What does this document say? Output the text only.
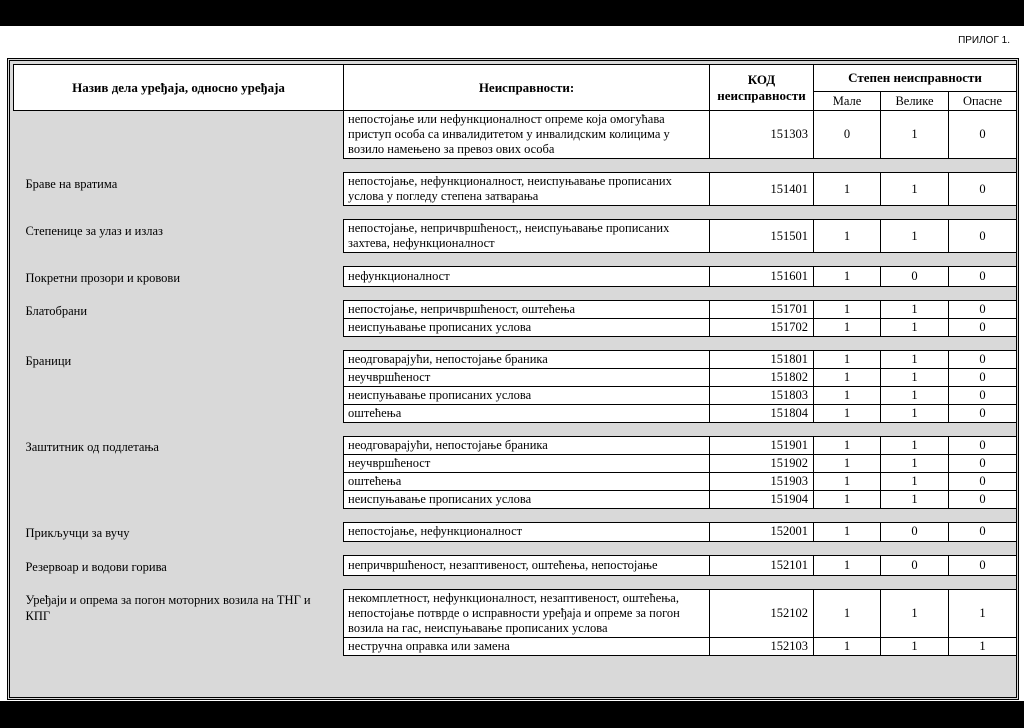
ПРИЛОГ 1.
Назив дела уређаја, односно уређаја	Неисправности:	КОД
неисправности	Степен неисправности		
			Мале	Велике	Опасне
	непостојање или нефункционалност опреме која омогућава приступ особа са инвалидитетом у инвалидским колицима у возило намењено за превоз ових особа	151303	0	1	0

Браве на вратима	непостојање, нефункционалност, неиспуњавање прописаних услова у погледу степена затварања	151401	1	1	0

Степенице за улаз и излаз	непостојање, непричвршћеност,, неиспуњавање прописаних захтева, нефункционалност	151501	1	1	0

Покретни прозори и кровови	нефункционалност	151601	1	0	0

Блатобрани	непостојање, непричвршћеност, оштећења	151701	1	1	0
	неиспуњавање прописаних услова	151702	1	1	0

Браници	неодговарајући, непостојање браника	151801	1	1	0
	неучвршћеност	151802	1	1	0
	неиспуњавање прописаних услова	151803	1	1	0
	оштећења	151804	1	1	0

Заштитник од подлетања	неодговарајући, непостојање браника	151901	1	1	0
	неучвршћеност	151902	1	1	0
	оштећења	151903	1	1	0
	неиспуњавање прописаних услова	151904	1	1	0

Прикључци за вучу	непостојање, нефункционалност	152001	1	0	0

Резервоар и водови горива	непричвршћеност, незаптивеност, оштећења, непостојање	152101	1	0	0

Уређаји и опрема за погон моторних возила на ТНГ и КПГ	некомплетност, нефункционалност, незаптивеност, оштећења, непостојање потврде о исправности уређаја и опреме за погон возила на гас, неиспуњавање прописаних услова	152102	1	1	1
	нестручна оправка или замена	152103	1	1	1
